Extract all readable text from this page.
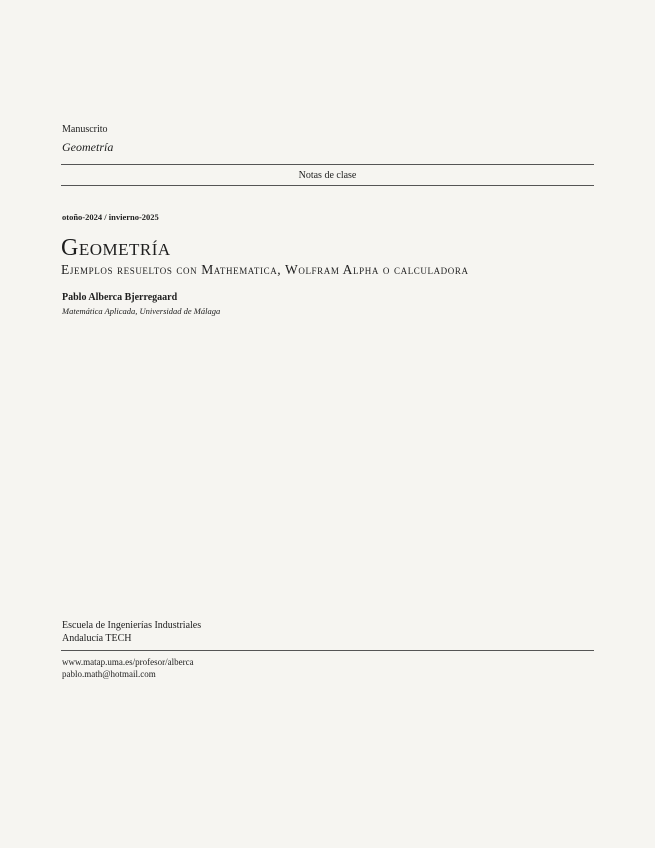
Manuscrito
Geometría
Notas de clase
otoño-2024 / invierno-2025
Geometría
Ejemplos resueltos con Mathematica, Wolfram Alpha o calculadora
Pablo Alberca Bjerregaard
Matemática Aplicada, Universidad de Málaga
Escuela de Ingenierías Industriales
Andalucía TECH
www.matap.uma.es/profesor/alberca
pablo.math@hotmail.com
